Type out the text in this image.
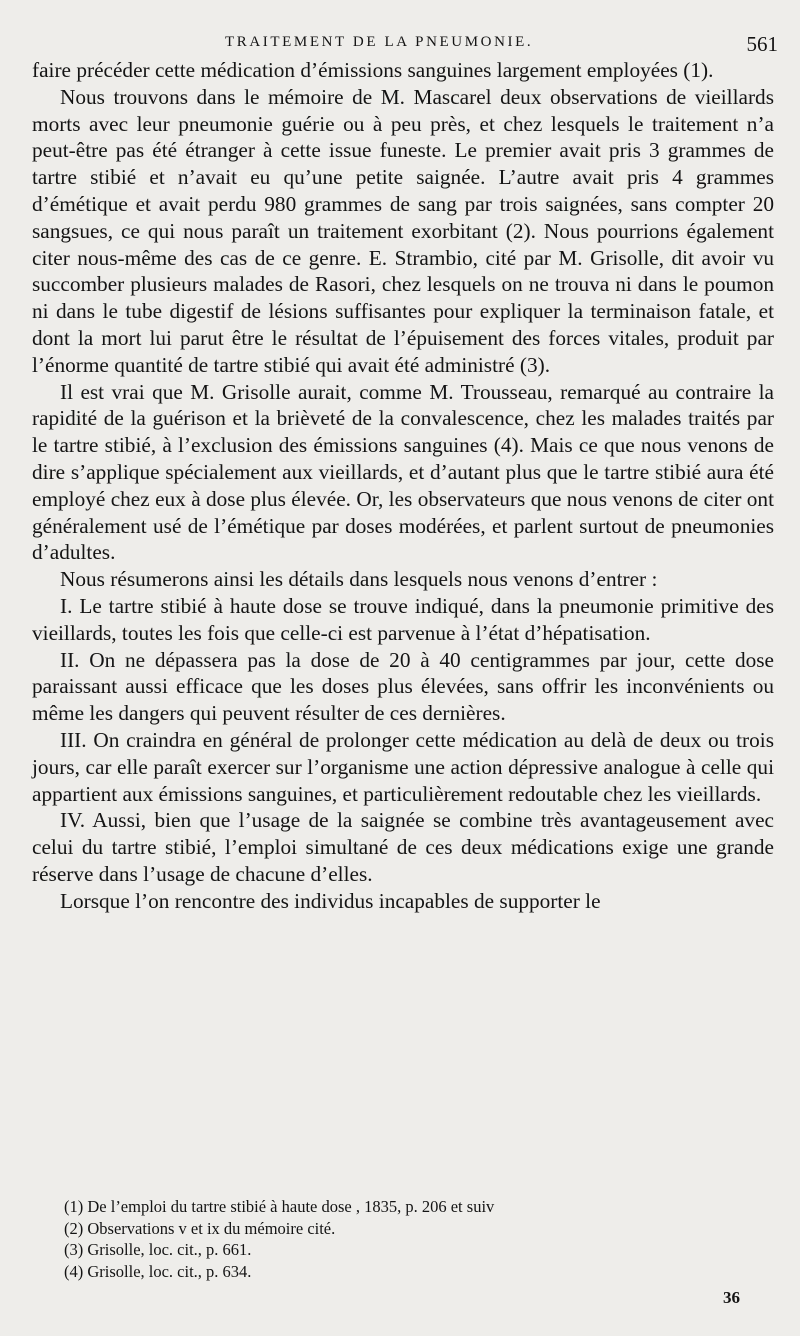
TRAITEMENT DE LA PNEUMONIE.	561

faire précéder cette médication d’émissions sanguines largement employées (1).

Nous trouvons dans le mémoire de M. Mascarel deux observations de vieillards morts avec leur pneumonie guérie ou à peu près, et chez lesquels le traitement n’a peut-être pas été étranger à cette issue funeste. Le premier avait pris 3 grammes de tartre stibié et n’avait eu qu’une petite saignée. L’autre avait pris 4 grammes d’émétique et avait perdu 980 grammes de sang par trois saignées, sans compter 20 sangsues, ce qui nous paraît un traitement exorbitant (2). Nous pourrions également citer nous-même des cas de ce genre. E. Strambio, cité par M. Grisolle, dit avoir vu succomber plusieurs malades de Rasori, chez lesquels on ne trouva ni dans le poumon ni dans le tube digestif de lésions suffisantes pour expliquer la terminaison fatale, et dont la mort lui parut être le résultat de l’épuisement des forces vitales, produit par l’énorme quantité de tartre stibié qui avait été administré (3).

Il est vrai que M. Grisolle aurait, comme M. Trousseau, remarqué au contraire la rapidité de la guérison et la brièveté de la convalescence, chez les malades traités par le tartre stibié, à l’exclusion des émissions sanguines (4). Mais ce que nous venons de dire s’applique spécialement aux vieillards, et d’autant plus que le tartre stibié aura été employé chez eux à dose plus élevée. Or, les observateurs que nous venons de citer ont généralement usé de l’émétique par doses modérées, et parlent surtout de pneumonies d’adultes.

Nous résumerons ainsi les détails dans lesquels nous venons d’entrer :

I. Le tartre stibié à haute dose se trouve indiqué, dans la pneumonie primitive des vieillards, toutes les fois que celle-ci est parvenue à l’état d’hépatisation.

II. On ne dépassera pas la dose de 20 à 40 centigrammes par jour, cette dose paraissant aussi efficace que les doses plus élevées, sans offrir les inconvénients ou même les dangers qui peuvent résulter de ces dernières.

III. On craindra en général de prolonger cette médication au delà de deux ou trois jours, car elle paraît exercer sur l’organisme une action dépressive analogue à celle qui appartient aux émissions sanguines, et particulièrement redoutable chez les vieillards.

IV. Aussi, bien que l’usage de la saignée se combine très avantageusement avec celui du tartre stibié, l’emploi simultané de ces deux médications exige une grande réserve dans l’usage de chacune d’elles.

Lorsque l’on rencontre des individus incapables de supporter le

(1) De l’emploi du tartre stibié à haute dose , 1835, p. 206 et suiv

(2) Observations v et ix du mémoire cité.

(3) Grisolle, loc. cit., p. 661.

(4) Grisolle, loc. cit., p. 634.

36
